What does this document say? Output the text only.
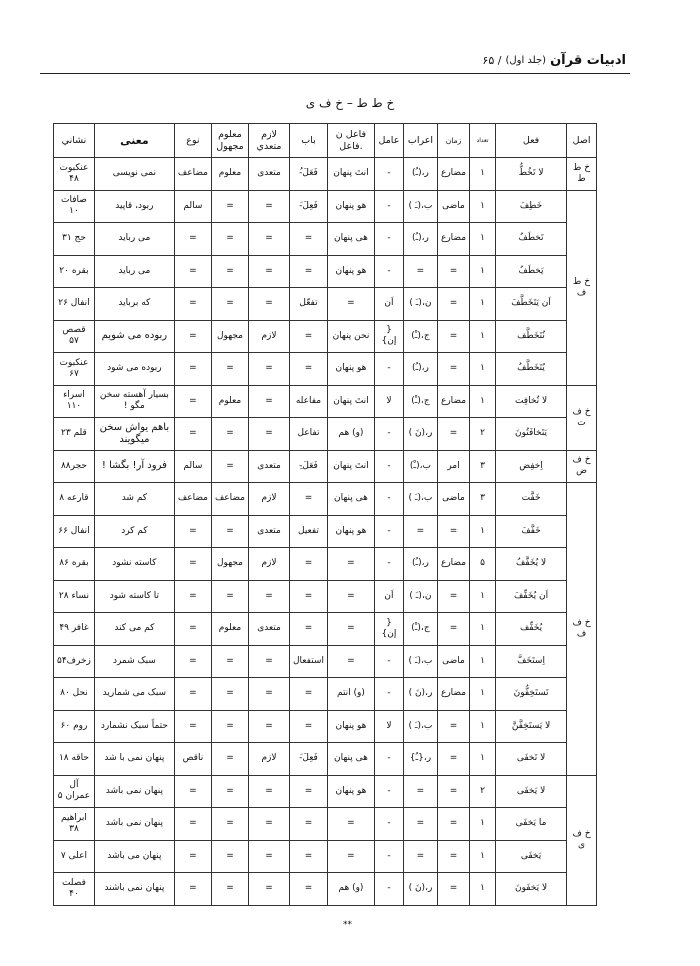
ادبیات قرآن
(جلد اول)
/ ۶۵
خ ط ط – خ ف ی
اصل	فعل	تعداد	زمان	اعراب	عامل	فاعل ن .فاعل	باب	لازم متعدي	معلوم مجهول	نوع	معنی	نشاني
خ ط ط	لا تَخُطُّ	۱	مضارع	ر،(ـُ)	-	انتَ پنهان	فَعَلَ-ُ	متعدی	معلوم	مضاعف	نمی نویسی	عنکبوت ۴۸
خ ط ف	خَطِفَ	۱	ماضی	ب،(ـَ )	-	هو پنهان	فَعِلَ-َ	=	=	سالم	ربود، قاپید	صافات ۱۰
	تَخطَفُ	۱	مضارع	ر،(ـُ)	-	هی پنهان	=	=	=	=	می رباید	حج ۳۱
	يَخطَفُ	۱	=	=	-	هو پنهان	=	=	=	=	می رباید	بقره ۲۰
	اَن يَتَخَطَّفَ	۱	=	ن،(ـَ )	اَن	=	تفعّل	=	=	=	که برباید	انفال ۲۶
	نُتَخَطَّف	۱	=	ج،(ـْ)	{ إن}	نحن پنهان	=	لازم	مجهول	=	ربوده می شویم	قصص ۵۷
	يُتَخَطَّفُ	۱	=	ر،(ـُ)	-	هو پنهان	=	=	=	=	ربوده می شود	عنکبوت ۶۷
خ ف ت	لا تُخافِت	۱	مضارع	ج،(ـْ)	لا	انتَ پنهان	مفاعله	=	معلوم	=	بسیار آهسته سخن مگو !	اسراء ۱۱۰
	يَتَخافَتُونَ	۲	=	ر،(نَ )	-	(و) هم	تفاعل	=	=	=	باهم یواش سخن میگویند	قلم ۲۳
خ ف ض	اِخفِض	۳	امر	ب،(ـْ)	-	انتَ پنهان	فَعَلَ-ِ	متعدی	=	سالم	فرود آر! بگشا !	حجر۸۸
خ ف ف	خَفَّت	۳	ماضی	ب،(ـَ )	-	هی پنهان	=	لازم	مضاعف	مضاعف	کم شد	قارعه ۸
	خَفَّفَ	۱	=	=	-	هو پنهان	تفعیل	متعدی	=	=	کم کرد	انفال ۶۶
	لا يُخَفَّفُ	۵	مضارع	ر،(ـُ)	-	=	=	لازم	مجهول	=	کاسته نشود	بقره ۸۶
	اَن يُخَفِّفَ	۱	=	ن،(ـَ )	اَن	=	=	=	=	=	تا کاسته شود	نساء ۲۸
	يُخَفِّف	۱	=	ج،(ـْ)	{ إن}	=	=	متعدی	معلوم	=	کم می کند	غافر ۴۹
	اِستَخَفَّ	۱	ماضی	ب،(ـَ )	-	=	استفعال	=	=	=	سبک شمرد	زخرف۵۴
	تَستَخِفُّونَ	۱	مضارع	ر،(نَ )	-	(و) انتم	=	=	=	=	سبک می شمارید	نحل ۸۰
	لا يَستَخِفَّنَّ	۱	=	ب،(ـَ )	لا	هو پنهان	=	=	=	=	حتماً سبک نشمارد	روم ۶۰
	لا تَخفَی	۱	=	ر،{ـُ}	-	هی پنهان	فَعِلَ-َ	لازم	=	ناقص	پنهان نمی با شد	حاقه ۱۸
خ ف ی	لا يَخفَی	۲	=	=	-	هو پنهان	=	=	=	=	پنهان نمی باشد	آل عمران ۵
	ما يَخفَی	۱	=	=	-	=	=	=	=	=	پنهان نمی باشد	ابراهیم ۳۸
	يَخفَی	۱	=	=	-	=	=	=	=	=	پنهان می باشد	اعلی ۷
	لا يَخفَونَ	۱	=	ر،(نَ )	-	(و) هم	=	=	=	=	پنهان نمی باشند	فصلت ۴۰
**
